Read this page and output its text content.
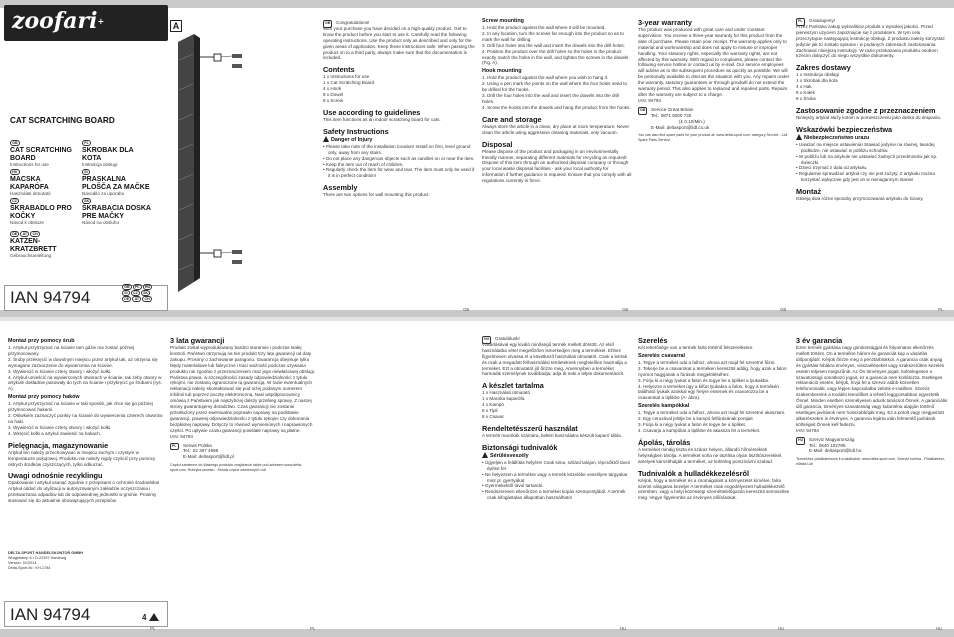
zoofari+
CAT SCRATCHING BOARD
GB
CAT SCRATCHING BOARD
Instructions for use
PL
SKROBAK DLA KOTA
Instrukcja obsługi
HU
MACSKA KAPARÓFA
Használati útmutató
SI
PRASKALNA PLOŠČA ZA MAČKE
Navodilo za uporabo
CZ
ŠKRABADLO PRO KOČKY
Návod k obsluze
SK
ŠKRABACIA DOSKA PRE MAČKY
Návod na obsluhu
DE AT CH
KATZEN-KRATZBRETT
Gebrauchsanleitung
IAN 94794
GB PL HU
SI CZ SK
DE AT CH
A	GB	Congratulations!
With your purchase you have decided on a high-quality product. Get to know the product before you start to use it. Carefully read the following operating instructions. Use the product only as described and only for the given areas of application. Keep these instructions safe. When passing the product on to a third party, always make sure that the documentation is included.
Contents
1 x Instructions for use
1 x Cat Scratching Board
4 x Hook
8 x Dowel
8 x Screw
Use according to guidelines
This item functions as an indoor scratching board for cats.
Safety Instructions
Danger of Injury
• Please take note of the installation location! Install on firm, level ground only, away from any stairs.
• Do not place any dangerous objects such as candles on or near the item.
• Keep the item out of reach of children.
• Regularly check the item for wear and tear. The item must only be used if it is in perfect condition!
Assembly
There are two options for wall mounting this product.
Screw mounting
1. Hold the product against the wall where it will be mounted.
2. In any location, turn the screws far enough into the product so as to mark the wall for drilling.
3. Drill four holes into the wall and insert the dowels into the drill holes.
4. Position the product over the drill holes so the holes in the product exactly match the holes in the wall, and tighten the screws in the dowels (Fig. A).
Hook mounting
1. Hold the product against the wall where you wish to hang it.
2. Using a pen mark the points on the wall where the four holes need to be drilled for the hooks.
3. Drill the four holes into the wall and insert the dowels into the drill holes.
4. Screw the hooks into the dowels and hang the product from the hooks.
Care and storage
Always store the article in a clean, dry place at room temperature. Never clean the article using aggressive cleaning materials, only vacuum.
Disposal
Please dispose of the product and packaging in an environmentally friendly manner, separating different materials for recycling as required! Dispose of this item through an authorised disposal company or through your local waste disposal facilities - ask your local authority for information if further guidance is required. Ensure that you comply with all regulations currently in force.
3-year warranty
The product was produced with great care and under constant supervision. You receive a three-year warranty for this product from the date of purchase. Please retain your receipt. The warranty applies only to material and workmanship and does not apply to misuse or improper handling. Your statutory rights, especially the warranty rights, are not affected by this warranty. With regard to complaints, please contact the following service hotline or contact us by e-mail. Our service employees will advise as to the subsequent procedure as quickly as possible. We will be personally available to discuss the situation with you. Any repairs under the warranty, statutory guarantees or through goodwill do not extend the warranty period. This also applies to replaced and repaired parts. Repairs after the warranty are subject to a charge.
IAN: 94794
GB	Service Great Britain
Tel.: 0871 5000 720
(£ 0.10/Min.)
E-Mail: deltasport@lidl.co.uk
You can also find spare parts for your product at: www.delta-sport.com, category Service - Lidl Spare Parts Service
PL	Gratulujemy!
Przez Państwa zakup wybraliście produkt o wysokiej jakości. Przed pierwszym użyciem zapoznajcie się z produktem. W tym celu przeczytajcie następującą instrukcję obsługi. Z produktu należy korzystać jedynie jak to zostało opisane i w podanych zakresach zastosowania. Zachować niniejszą instrukcję. W razie przekazania produktu osobom trzecim dołączyć do niego wszystkie dokumenty.
Zakres dostawy
1 x Instrukcja obsługi
1 x Skrobak dla kota
4 x Hak
8 x Kołek
8 x Śruba
Zastosowanie zgodne z przeznaczeniem
Niniejszy artykuł służy kotom w pomieszczeniu jako deska do drapania.
Wskazówki bezpieczeństwa
Niebezpieczeństwo urazu
• Uważać na miejsce ustawienia! Stawiać jedynie na równej, twardej podłodze, nie ustawiać w pobliżu schodów.
• W pobliżu lub na artykule nie ustawiać żadnych przedmiotów jak np. świeczki.
• Dzieci trzymać z dala od artykułu.
• Regularnie sprawdzać artykuł czy nie jest zużyty. Z artykułu można korzystać wyłącznie gdy jest on w nienagannym stanie!
Montaż
Istnieją dwa różne sposoby przymocowania artykułu do ściany.
GB	GB	GB	PL
Montaż przy pomocy śrub
1. Artykuł przytrzymać na ścianie tam gdzie ma zostać później przymocowany.
2. Śruby przekręcić w dowolnym miejscu przez artykuł tak, aż otrzyma się wymagane zaznaczenie do wywiercenia na ścianie.
3. Wywiercić w ścianie cztery otwory i włożyć kołki.
4. Artykuł umieścić na wywierconych otworach w ścianie, tak żeby otwory w artykule dokładnie pasowały do tych na ścianie i przykręcić go śrubami (rys. A).
Montaż przy pomocy haków
1. Artykuł przytrzymać na ścianie w taki sposób, jak chce się go później przymocować hakami.
2. Ołówkiem zaznaczyć punkty na ścianie do wywiercenia czterech otworów na haki.
3. Wywiercić w ścianie cztery otwory i włożyć kołki.
4. Wkręcić kołki a artykuł zawiesić na hakach.
Pielęgnacja, magazynowanie
Artykuł ten należy przechowywać w miejscu suchym i czystym w temperaturze pokojowej. Produktu nie należy nigdy czyścić przy pomocy ostrych środków czyszczących, tylko odkurzać.
Uwagi odnośnie recyklingu
Opakowanie i artykuł usunąć zgodnie z przepisami o ochronie środowiska! Artykuł oddać do utylizacji w autoryzowanym zakładzie oczyszczania i przetwarzania odpadów lub do odpowiedniej jednostki w gminie. Prosimy stosować się do aktualnie obowiązujących przepisów.
DELTA-SPORT HANDELSKONTOR GMBH
Wragekamp 6 • D-22397 Hamburg
Version: 01/2014
Delta-Sport-Nr.: KH-1784
IAN 94794	4
3 lata gwarancji
Produkt został wyprodukowany bardzo starannie i podczas stałej kontroli. Państwo otrzymują na ten produkt trzy lata gwarancji od daty zakupu. Prosimy o zachowanie paragonu. Gwarancja obejmuje tylko błędy materiałowe lub fabryczne i traci ważność podczas używania produktu nie zgodnie z przeznaczeniem oraz jego niewłaściwej obsługi. Państwa prawa, w szczególności zasady odpowiedzialności z tytułu rękojmi, nie zostaną ograniczone tą gwarancją. W razie ewentualnych reklamacji należy skontaktować się pod niżej podanym numerem infolinii lub poprzez pocztę elektroniczną. Nasi współpracownicy omówią z Państwem jak najszybciej dalszy przebieg sprawy. Z naszej strony gwarantujemy doradztwo. Czas gwarancji nie zostanie przedłużony przez ewentualne poprawki naprawy na podstawie gwarancji, prawnej odpowiedzialności z tytułu rękojmi czy dokonania bezpłatnej naprawy. Dotyczy to również wymienionych i naprawionych części. Po upływie czasu gwarancji powstałe naprawy są płatne.
IAN: 94794
PL	Serwis Polska
Tel.: 22 397 4996
E-Mail: deltasport@lidl.pl
Części zamienne do Waszego produktu znajdziecie także pod adresem www.delta-sport.com, Rubryka serwisu - Serwis części zamiennych Lidl
HU	Gratulálunk!
Vásárlásával egy kiváló minőségű termék mellett döntött. Az első használatba vétel megelőzően ismerkedjen meg a termékkel. Ehhez figyelmesen olvassa el a következő használati útmutatót. Csak a leírtak és csak a megadott felhasználási területeknek megfelelően használja a terméket. Ezt a útmutatót jól őrizze meg. Amennyiben a terméket harmadik személynek továbbadja, adja át neki a teljes dokumentációt.
A készlet tartalma
1 x Használati útmutató
1 x Macska kaparófa
4 x Kampó
8 x Tipli
8 x Csavar
Rendeltetésszerű használat
A termék macskák számára, beltéri használatra készült kaparó tábla.
Biztonsági tudnivalók
Sérülésveszély
• Ügyeljen a felállítás helyére! Csak sima, szilárd talajon, lépcsőktől távol építse fel.
• Ne helyezzen a termékre vagy a termék közelébe veszélyes tárgyakat mint pl. gyertyákat.
• Gyermekektől távol tartandó.
• Rendszeresen ellenőrizze a terméket kopás szempontjából. A termék csak kifogástalan állapotban használható!
Szerelés
Két lehetősége van a termék falra történő felszerelésére.
Szerelés csavarral
1. Tegye a terméket oda a falhoz, ahova azt majd fel szeretné fűzni.
2. Tekerje be a csavarokat a terméken keresztül addig, hogy azok a falon nyomot hagyjanak a fúrások megjelöléséhez.
3. Fúrja ki a négy lyukat a falon és tegye be a tipliket a lyukakba.
4. Helyezze a terméket úgy a kifúrt lyukakra a falon, hogy a termékén található lyukak azokkal egy helyre essenek és csavarozza be a csavarokat a tiplikbe (A- ábra).
Szerelés kampókkal
1. Tegye a terméket oda a falhoz, ahova azt majd fel szeretné akasztani.
2. Egy ceruzával jelölje be a kampó felfúrásának pontjait.
3. Fúrja ki a négy lyukat a falon és tegye be a tipliket.
4. Csavarja a kampókat a tiplikbe és akassza fel a terméket.
Ápolás, tárolás
A terméket mindig tiszta és száraz helyen, állandó hőmérsékleti helyiségben tárolja. A terméket soha ne tisztítsa olyan tisztítószerekkel, amelyek károsíthatják a terméket, az különleg porszívázni szabad.
Tudnivalók a hulladékkezelésről
Kérjük, hogy a terméket és a csomagolást a környezetet kímélve, falra szerint válogatva kezelje! A terméket csak engedélyezett hulladékkezelő üzemben, vagy a helyi közösségi szeméttelelőgazdn keresztül semmisítse meg. Vegye figyelembe az érvényes előírásokat.
3 év garancia
Ezen termék gyártása nagy gondossággal és folyamatos ellenőrzés mellett történt. On a termékre három év garanciát kap a vásárlás időpontjától. Kérjük őrizze meg a pénztárblokkot. A garancia csak anyag és gyártási hibákra érvényes, visszaéléseket vagy szakszerűtlen kezelés esetén teljesen megszűnik. Az Ön törvényes jogait, különlegesen a szavatossági vonatkozó jogait, ez a garancia nem korlátozza. Esetleges reklamáció esetén, kérjük, hívja fel a szerviz alább közvetlen telefonvonalát, vagy lépjen kapcsolatba velünk e-mailben. Szerviz szakembereink a további teendőket a lehető leggyorsabban egyeztetik Önnel. Minden esetben személyesen adunk tanácsot Önnek. A garanciális idő garancia, törvényes szavatosság vagy kulantéria alapján történő esetleges javítások nem hosszabbítják meg. Ez a pótolt vagy megjavított alkatrészekre is érvényes. A garancia lejárta után felmerülő javítások költségeit Önnek kell fedezni.
IAN: 94794
HU	Szerviz Magyarország
Tel.: 0640 102785
E-Mail: deltasport@lidl.hu
Termékhez pótalkatrészek it a találhatók: www.delta-sport.com, Szerviz rubrika - Pótalkatrész-ellátás Lidl
PL	PL	HU	HU	HU
